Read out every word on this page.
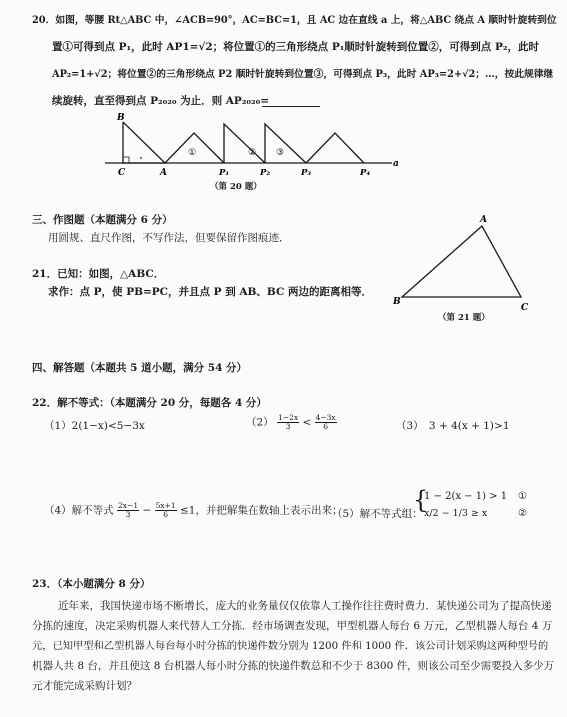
20．如图，等腰 Rt△ABC 中，∠ACB=90°，AC=BC=1，且 AC 边在直线 a 上，将△ABC 绕点 A 顺时针旋转到位
置①可得到点 P₁，此时 AP1=√2；将位置①的三角形绕点 P₁顺时针旋转到位置②，可得到点 P₂，此时
AP₂=1+√2；将位置②的三角形绕点 P2 顺时针旋转到位置③，可得到点 P₃，此时 AP₃=2+√2；…，按此规律继
续旋转，直至得到点 P₂₀₂₀ 为止．则 AP₂₀₂₀=
B
C	A	P₁	P₂	P₃	P₄
a
①	② ③
A
B
C
（第 20 题）
三、作图题（本题满分 6 分）
用圆规、直尺作图，不写作法，但要保留作图痕迹．
21．已知：如图，△ABC．
求作：点 P，使 PB=PC，并且点 P 到 AB、BC 两边的距离相等．
（第 21 题）
四、解答题（本题共 5 道小题，满分 54 分）
22．解不等式：（本题满分 20 分，每题各 4 分）
（1）2(1−x)<5−3x	$(2) \frac{1-2x}{3} < \frac{4-3x}{6}$	（3）　3 + 4(x + 1)>1
（4）解不等式 $\frac{2x-1}{3} - \frac{5x+1}{6} \le 1$，并把解集在数轴上表示出来；
（5）解不等式组：
{
1 − 2(x − 1) > 1
x/2 − 1/3 ≥ x
①
②
23．（本小题满分 8 分）
近年来，我国快递市场不断增长，庞大的业务量仅仅依靠人工操作往往费时费力．某快递公司为了提高快递
分拣的速度，决定采购机器人来代替人工分拣．经市场调查发现，甲型机器人每台 6 万元，乙型机器人每台 4 万
元，已知甲型和乙型机器人每台每小时分拣的快递件数分别为 1200 件和 1000 件．该公司计划采购这两种型号的
机器人共 8 台，并且使这 8 台机器人每小时分拣的快递件数总和不少于 8300 件，则该公司至少需要投入多少万
元才能完成采购计划？
